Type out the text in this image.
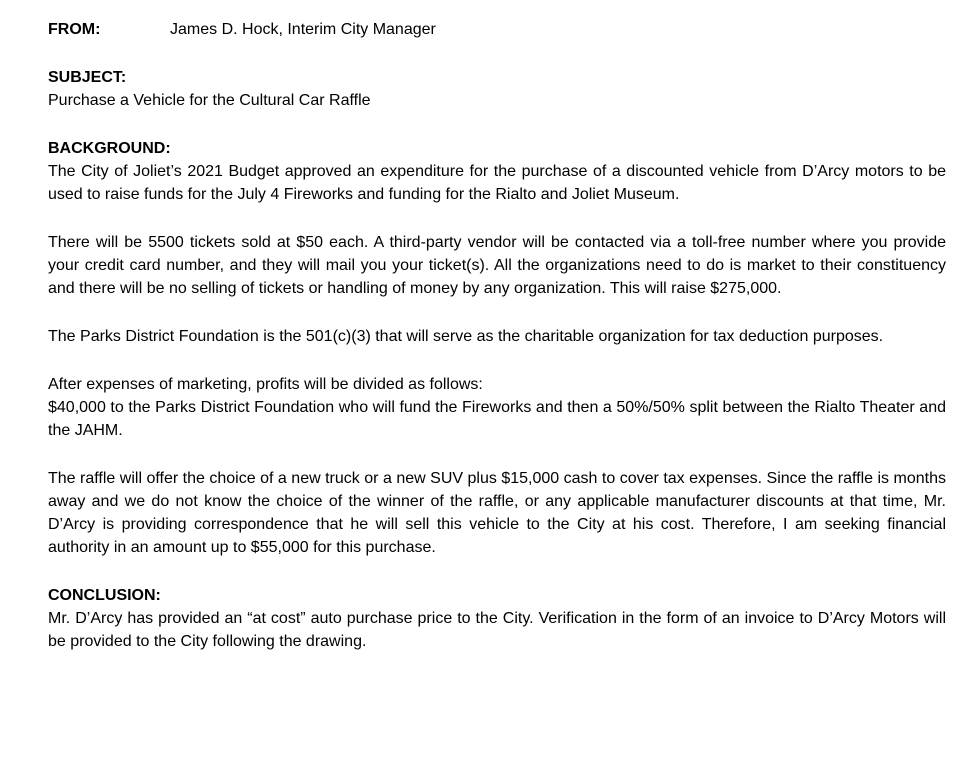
FROM:	James D. Hock, Interim City Manager
SUBJECT:
Purchase a Vehicle for the Cultural Car Raffle
BACKGROUND:

The City of Joliet’s 2021 Budget approved an expenditure for the purchase of a discounted vehicle from D’Arcy motors to be used to raise funds for the July 4 Fireworks and funding for the Rialto and Joliet Museum.

There will be 5500 tickets sold at $50 each. A third-party vendor will be contacted via a toll-free number where you provide your credit card number, and they will mail you your ticket(s). All the organizations need to do is market to their constituency and there will be no selling of tickets or handling of money by any organization. This will raise $275,000.

The Parks District Foundation is the 501(c)(3) that will serve as the charitable organization for tax deduction purposes.

After expenses of marketing, profits will be divided as follows:
$40,000 to the Parks District Foundation who will fund the Fireworks and then a 50%/50% split between the Rialto Theater and the JAHM.

The raffle will offer the choice of a new truck or a new SUV plus $15,000 cash to cover tax expenses. Since the raffle is months away and we do not know the choice of the winner of the raffle, or any applicable manufacturer discounts at that time, Mr. D’Arcy is providing correspondence that he will sell this vehicle to the City at his cost. Therefore, I am seeking financial authority in an amount up to $55,000 for this purchase.

CONCLUSION:

Mr. D’Arcy has provided an “at cost” auto purchase price to the City. Verification in the form of an invoice to D’Arcy Motors will be provided to the City following the drawing.
